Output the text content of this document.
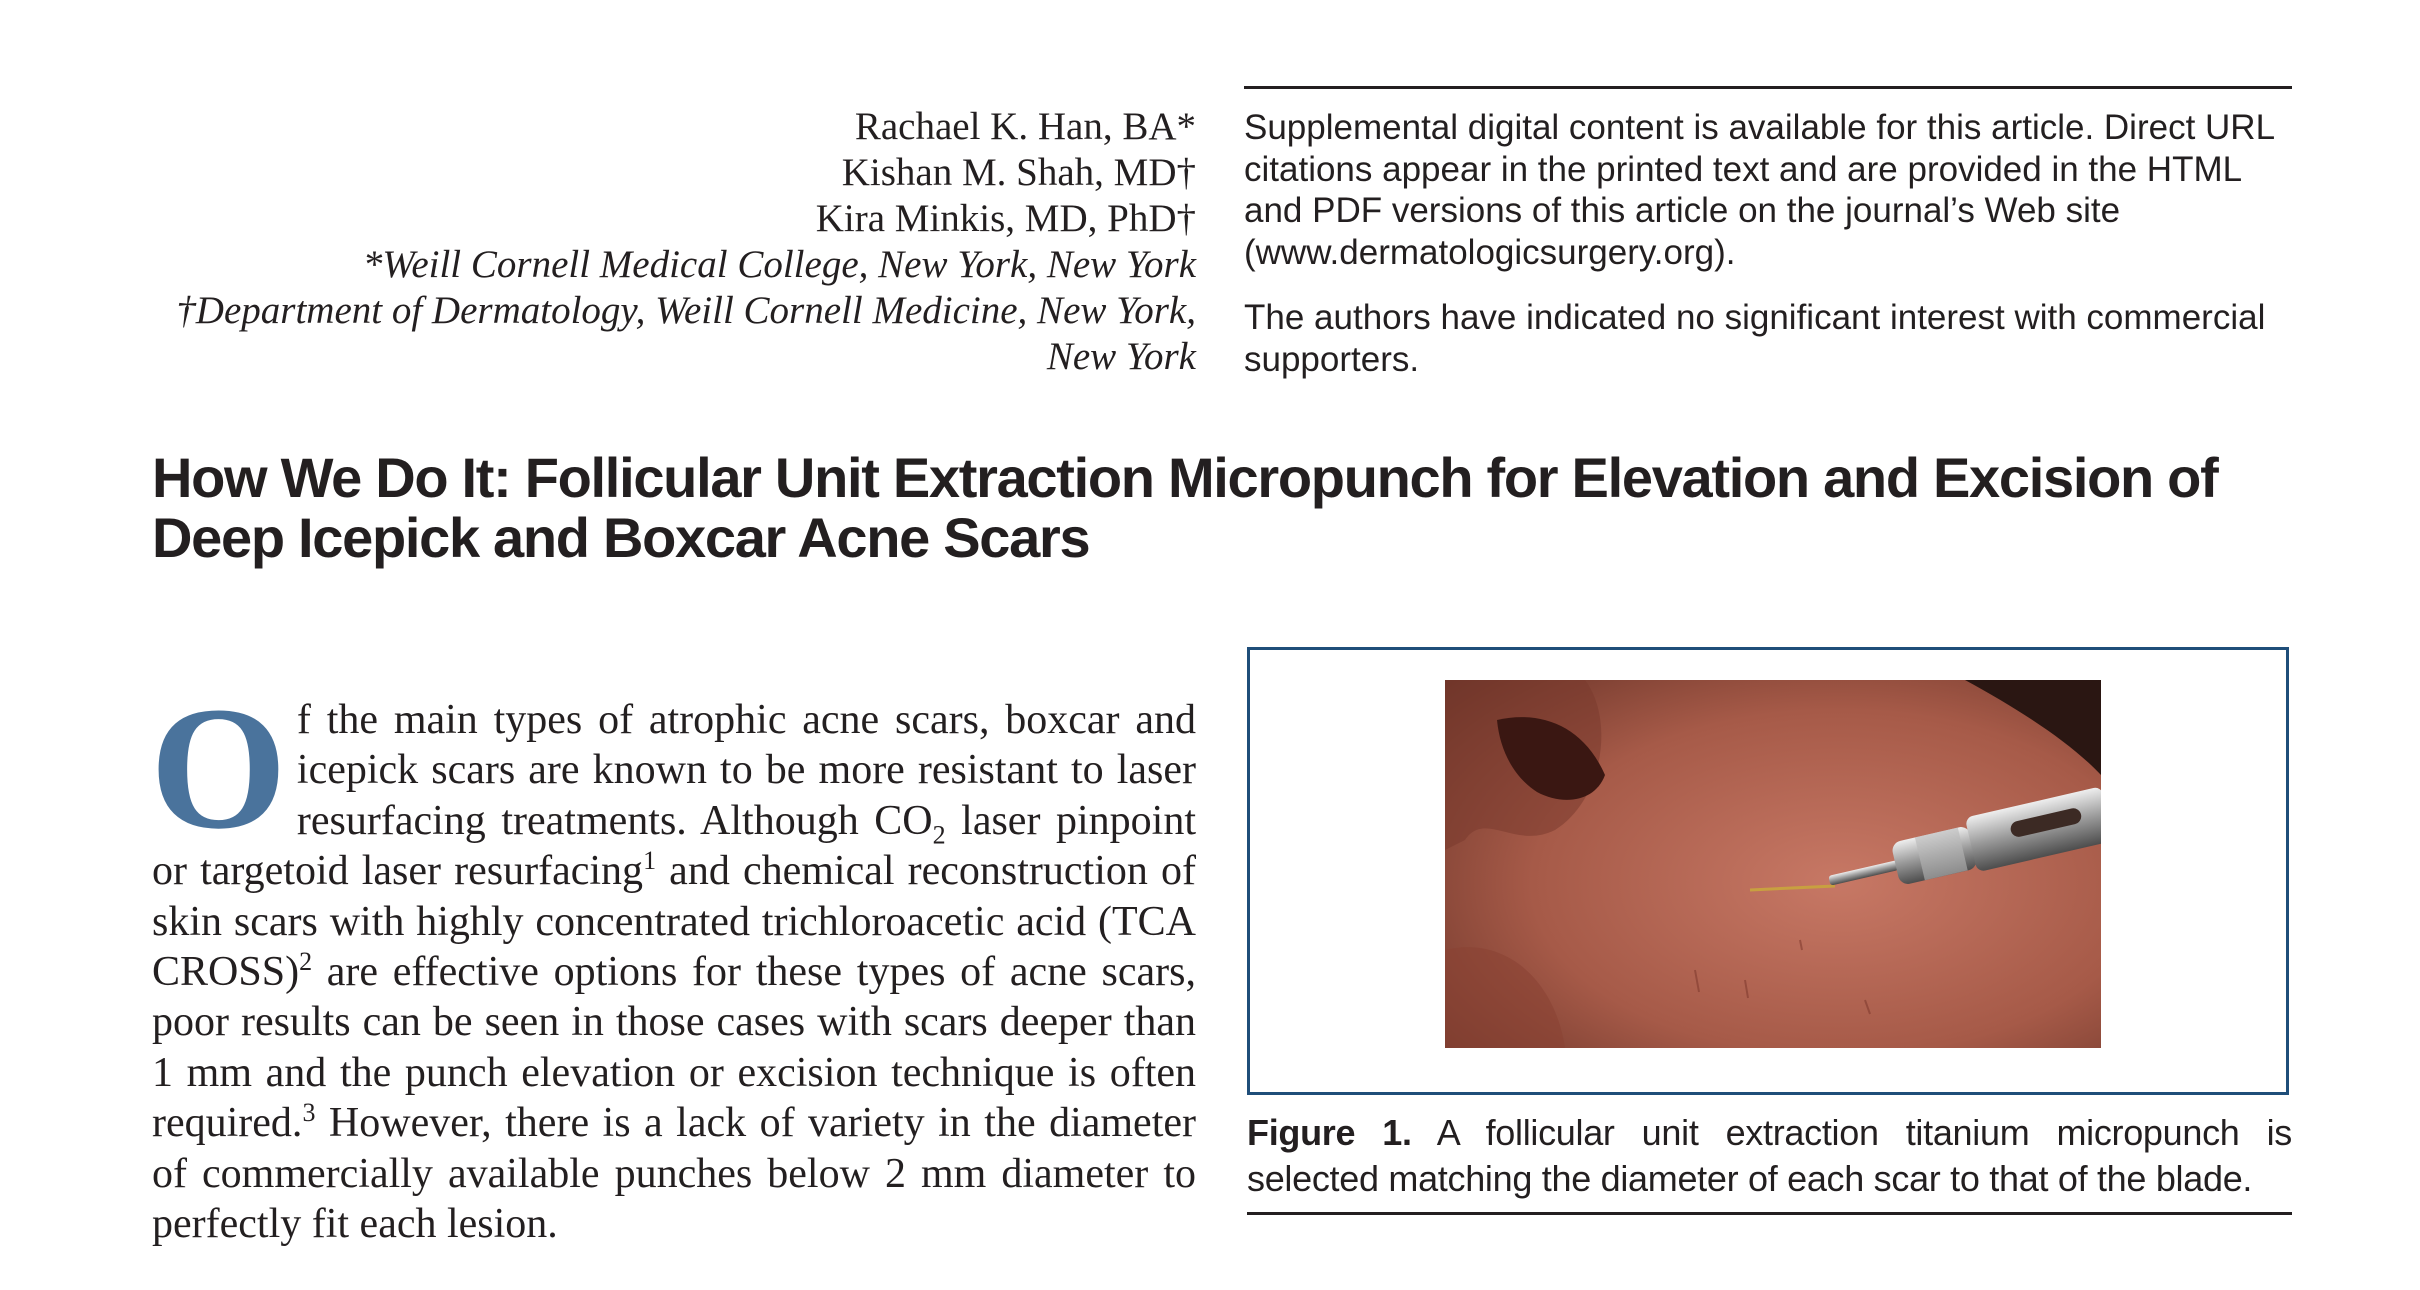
Rachael K. Han, BA*
Kishan M. Shah, MD†
Kira Minkis, MD, PhD†
*Weill Cornell Medical College, New York, New York
†Department of Dermatology, Weill Cornell Medicine, New York, New York

Supplemental digital content is available for this article. Direct URL citations appear in the printed text and are provided in the HTML and PDF versions of this article on the journal’s Web site (www.dermatologicsurgery.org).

The authors have indicated no significant interest with commercial supporters.

How We Do It: Follicular Unit Extraction Micropunch for Elevation and Excision of Deep Icepick and Boxcar Acne Scars

Of the main types of atrophic acne scars, boxcar and icepick scars are known to be more resistant to laser resurfacing treatments. Although $CO_2$ laser pinpoint or targetoid laser resurfacing$^1$ and chemical reconstruction of skin scars with highly concentrated trichloroacetic acid (TCA CROSS)$^2$ are effective options for these types of acne scars, poor results can be seen in those cases with scars deeper than 1 mm and the punch elevation or excision technique is often required.$^3$ However, there is a lack of variety in the diameter of commercially available punches below 2 mm diameter to perfectly fit each lesion.

Figure 1. A follicular unit extraction titanium micropunch is selected matching the diameter of each scar to that of the blade.
